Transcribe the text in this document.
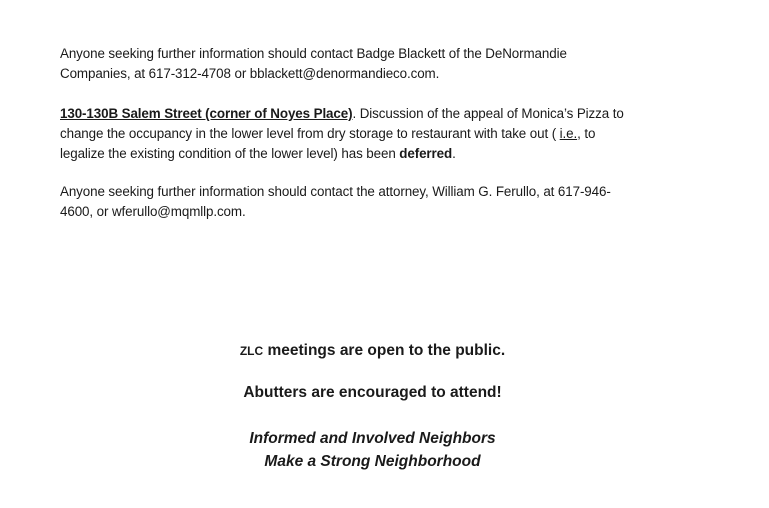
Anyone seeking further information should contact Badge Blackett of the DeNormandie
Companies, at 617-312-4708 or bblackett@denormandieco.com.
130-130B Salem Street (corner of Noyes Place). Discussion of the appeal of Monica’s Pizza to
change the occupancy in the lower level from dry storage to restaurant with take out ( i.e., to
legalize the existing condition of the lower level) has been deferred.
Anyone seeking further information should contact the attorney, William G. Ferullo, at 617-946-
4600, or wferullo@mqmllp.com.
ZLC meetings are open to the public.
Abutters are encouraged to attend!
Informed and Involved Neighbors
Make a Strong Neighborhood
